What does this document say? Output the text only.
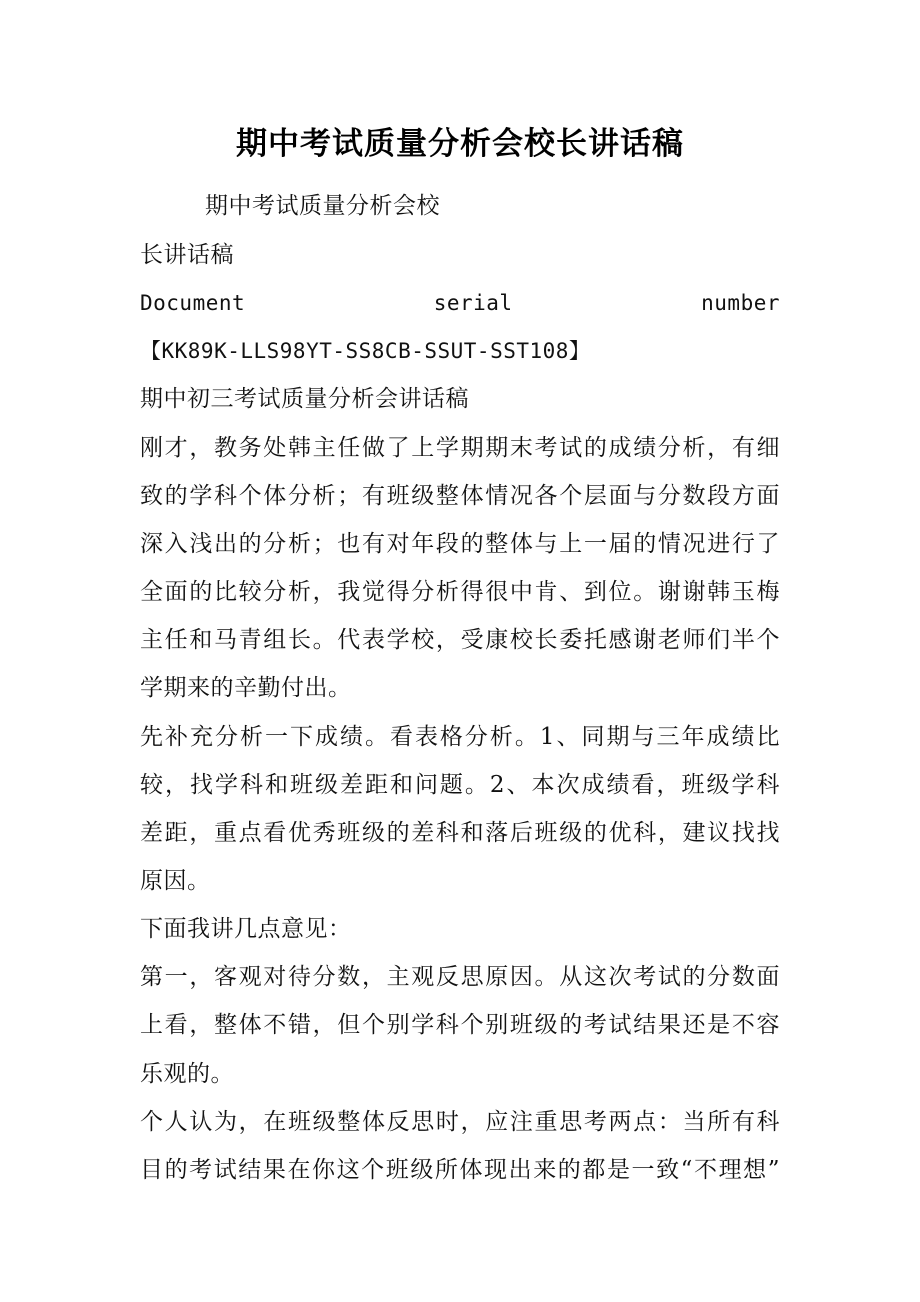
期中考试质量分析会校长讲话稿
期中考试质量分析会校
长讲话稿
Document	serial	number
【KK89K-LLS98YT-SS8CB-SSUT-SST108】
期中初三考试质量分析会讲话稿
刚才，教务处韩主任做了上学期期末考试的成绩分析，有细
致的学科个体分析；有班级整体情况各个层面与分数段方面
深入浅出的分析；也有对年段的整体与上一届的情况进行了
全面的比较分析，我觉得分析得很中肯、到位。谢谢韩玉梅
主任和马青组长。代表学校，受康校长委托感谢老师们半个
学期来的辛勤付出。
先补充分析一下成绩。看表格分析。1、同期与三年成绩比
较，找学科和班级差距和问题。2、本次成绩看，班级学科
差距，重点看优秀班级的差科和落后班级的优科，建议找找
原因。
下面我讲几点意见：
第一，客观对待分数，主观反思原因。从这次考试的分数面
上看，整体不错，但个别学科个别班级的考试结果还是不容
乐观的。
个人认为，在班级整体反思时，应注重思考两点：当所有科
目的考试结果在你这个班级所体现出来的都是一致“不理想”
